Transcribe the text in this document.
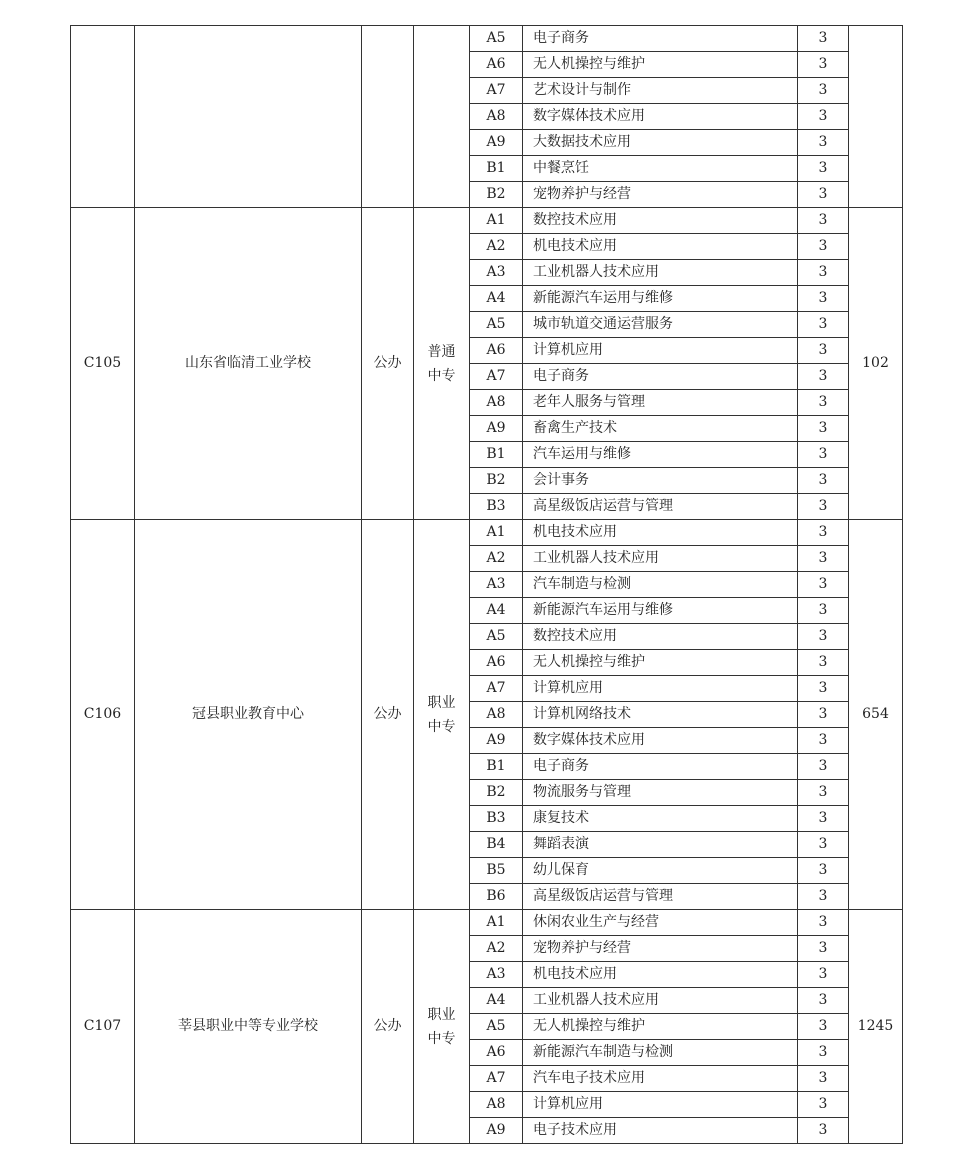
				A5	电子商务	3	
				A6	无人机操控与维护	3	
				A7	艺术设计与制作	3	
				A8	数字媒体技术应用	3	
				A9	大数据技术应用	3	
				B1	中餐烹饪	3	
				B2	宠物养护与经营	3	
C105	山东省临清工业学校	公办	普通中专	A1	数控技术应用	3	102
				A2	机电技术应用	3	
				A3	工业机器人技术应用	3	
				A4	新能源汽车运用与维修	3	
				A5	城市轨道交通运营服务	3	
				A6	计算机应用	3	
				A7	电子商务	3	
				A8	老年人服务与管理	3	
				A9	畜禽生产技术	3	
				B1	汽车运用与维修	3	
				B2	会计事务	3	
				B3	高星级饭店运营与管理	3	
C106	冠县职业教育中心	公办	职业中专	A1	机电技术应用	3	654
				A2	工业机器人技术应用	3	
				A3	汽车制造与检测	3	
				A4	新能源汽车运用与维修	3	
				A5	数控技术应用	3	
				A6	无人机操控与维护	3	
				A7	计算机应用	3	
				A8	计算机网络技术	3	
				A9	数字媒体技术应用	3	
				B1	电子商务	3	
				B2	物流服务与管理	3	
				B3	康复技术	3	
				B4	舞蹈表演	3	
				B5	幼儿保育	3	
				B6	高星级饭店运营与管理	3	
C107	莘县职业中等专业学校	公办	职业中专	A1	休闲农业生产与经营	3	1245
				A2	宠物养护与经营	3	
				A3	机电技术应用	3	
				A4	工业机器人技术应用	3	
				A5	无人机操控与维护	3	
				A6	新能源汽车制造与检测	3	
				A7	汽车电子技术应用	3	
				A8	计算机应用	3	
				A9	电子技术应用	3	
